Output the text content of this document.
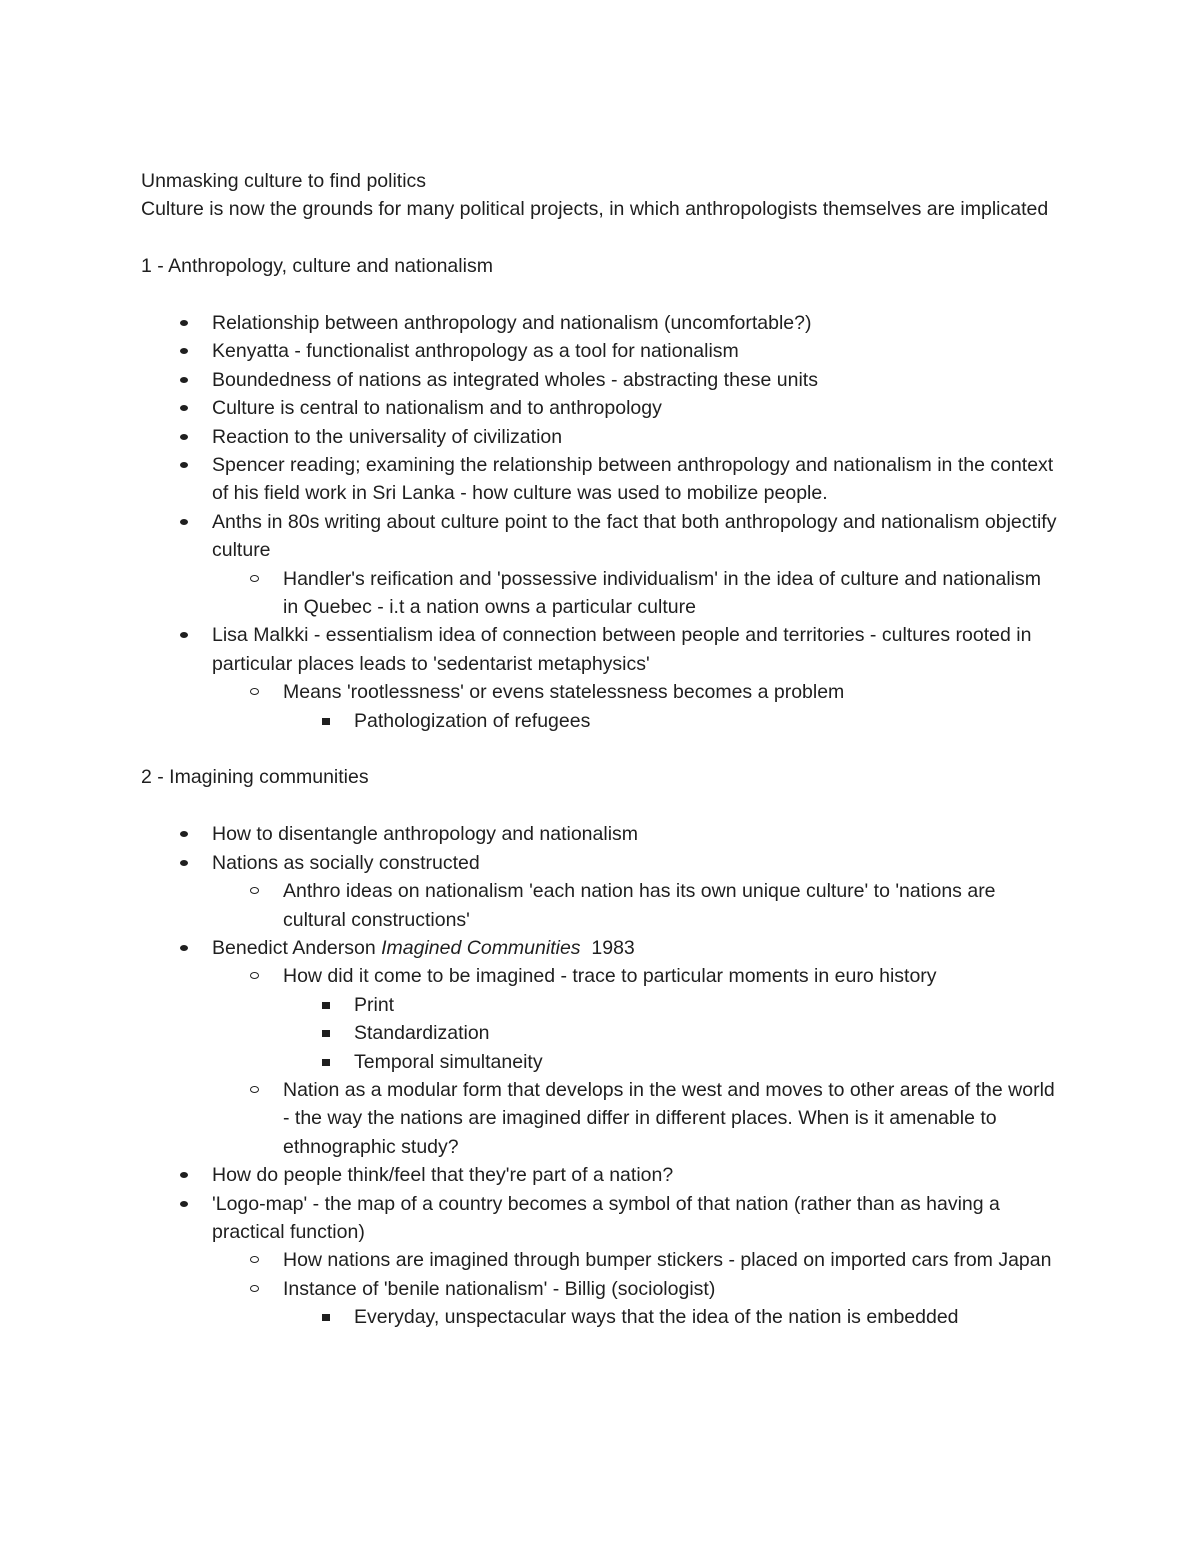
Unmasking culture to find politics

Culture is now the grounds for many political projects, in which anthropologists themselves are implicated

1 - Anthropology, culture and nationalism

Relationship between anthropology and nationalism (uncomfortable?)
Kenyatta - functionalist anthropology as a tool for nationalism
Boundedness of nations as integrated wholes - abstracting these units
Culture is central to nationalism and to anthropology
Reaction to the universality of civilization
Spencer reading; examining the relationship between anthropology and nationalism in the context of his field work in Sri Lanka - how culture was used to mobilize people.
Anths in 80s writing about culture point to the fact that both anthropology and nationalism objectify culture
Handler's reification and 'possessive individualism' in the idea of culture and nationalism in Quebec - i.t a nation owns a particular culture
Lisa Malkki - essentialism idea of connection between people and territories - cultures rooted in particular places leads to 'sedentarist metaphysics'
Means 'rootlessness' or evens statelessness becomes a problem
Pathologization of refugees

2 - Imagining communities

How to disentangle anthropology and nationalism
Nations as socially constructed
Anthro ideas on nationalism 'each nation has its own unique culture' to 'nations are cultural constructions'
Benedict Anderson Imagined Communities  1983
How did it come to be imagined - trace to particular moments in euro history
Print
Standardization
Temporal simultaneity
Nation as a modular form that develops in the west and moves to other areas of the world - the way the nations are imagined differ in different places. When is it amenable to ethnographic study?
How do people think/feel that they're part of a nation?
'Logo-map' - the map of a country becomes a symbol of that nation (rather than as having a practical function)
How nations are imagined through bumper stickers - placed on imported cars from Japan
Instance of 'benile nationalism' - Billig (sociologist)
Everyday, unspectacular ways that the idea of the nation is embedded
